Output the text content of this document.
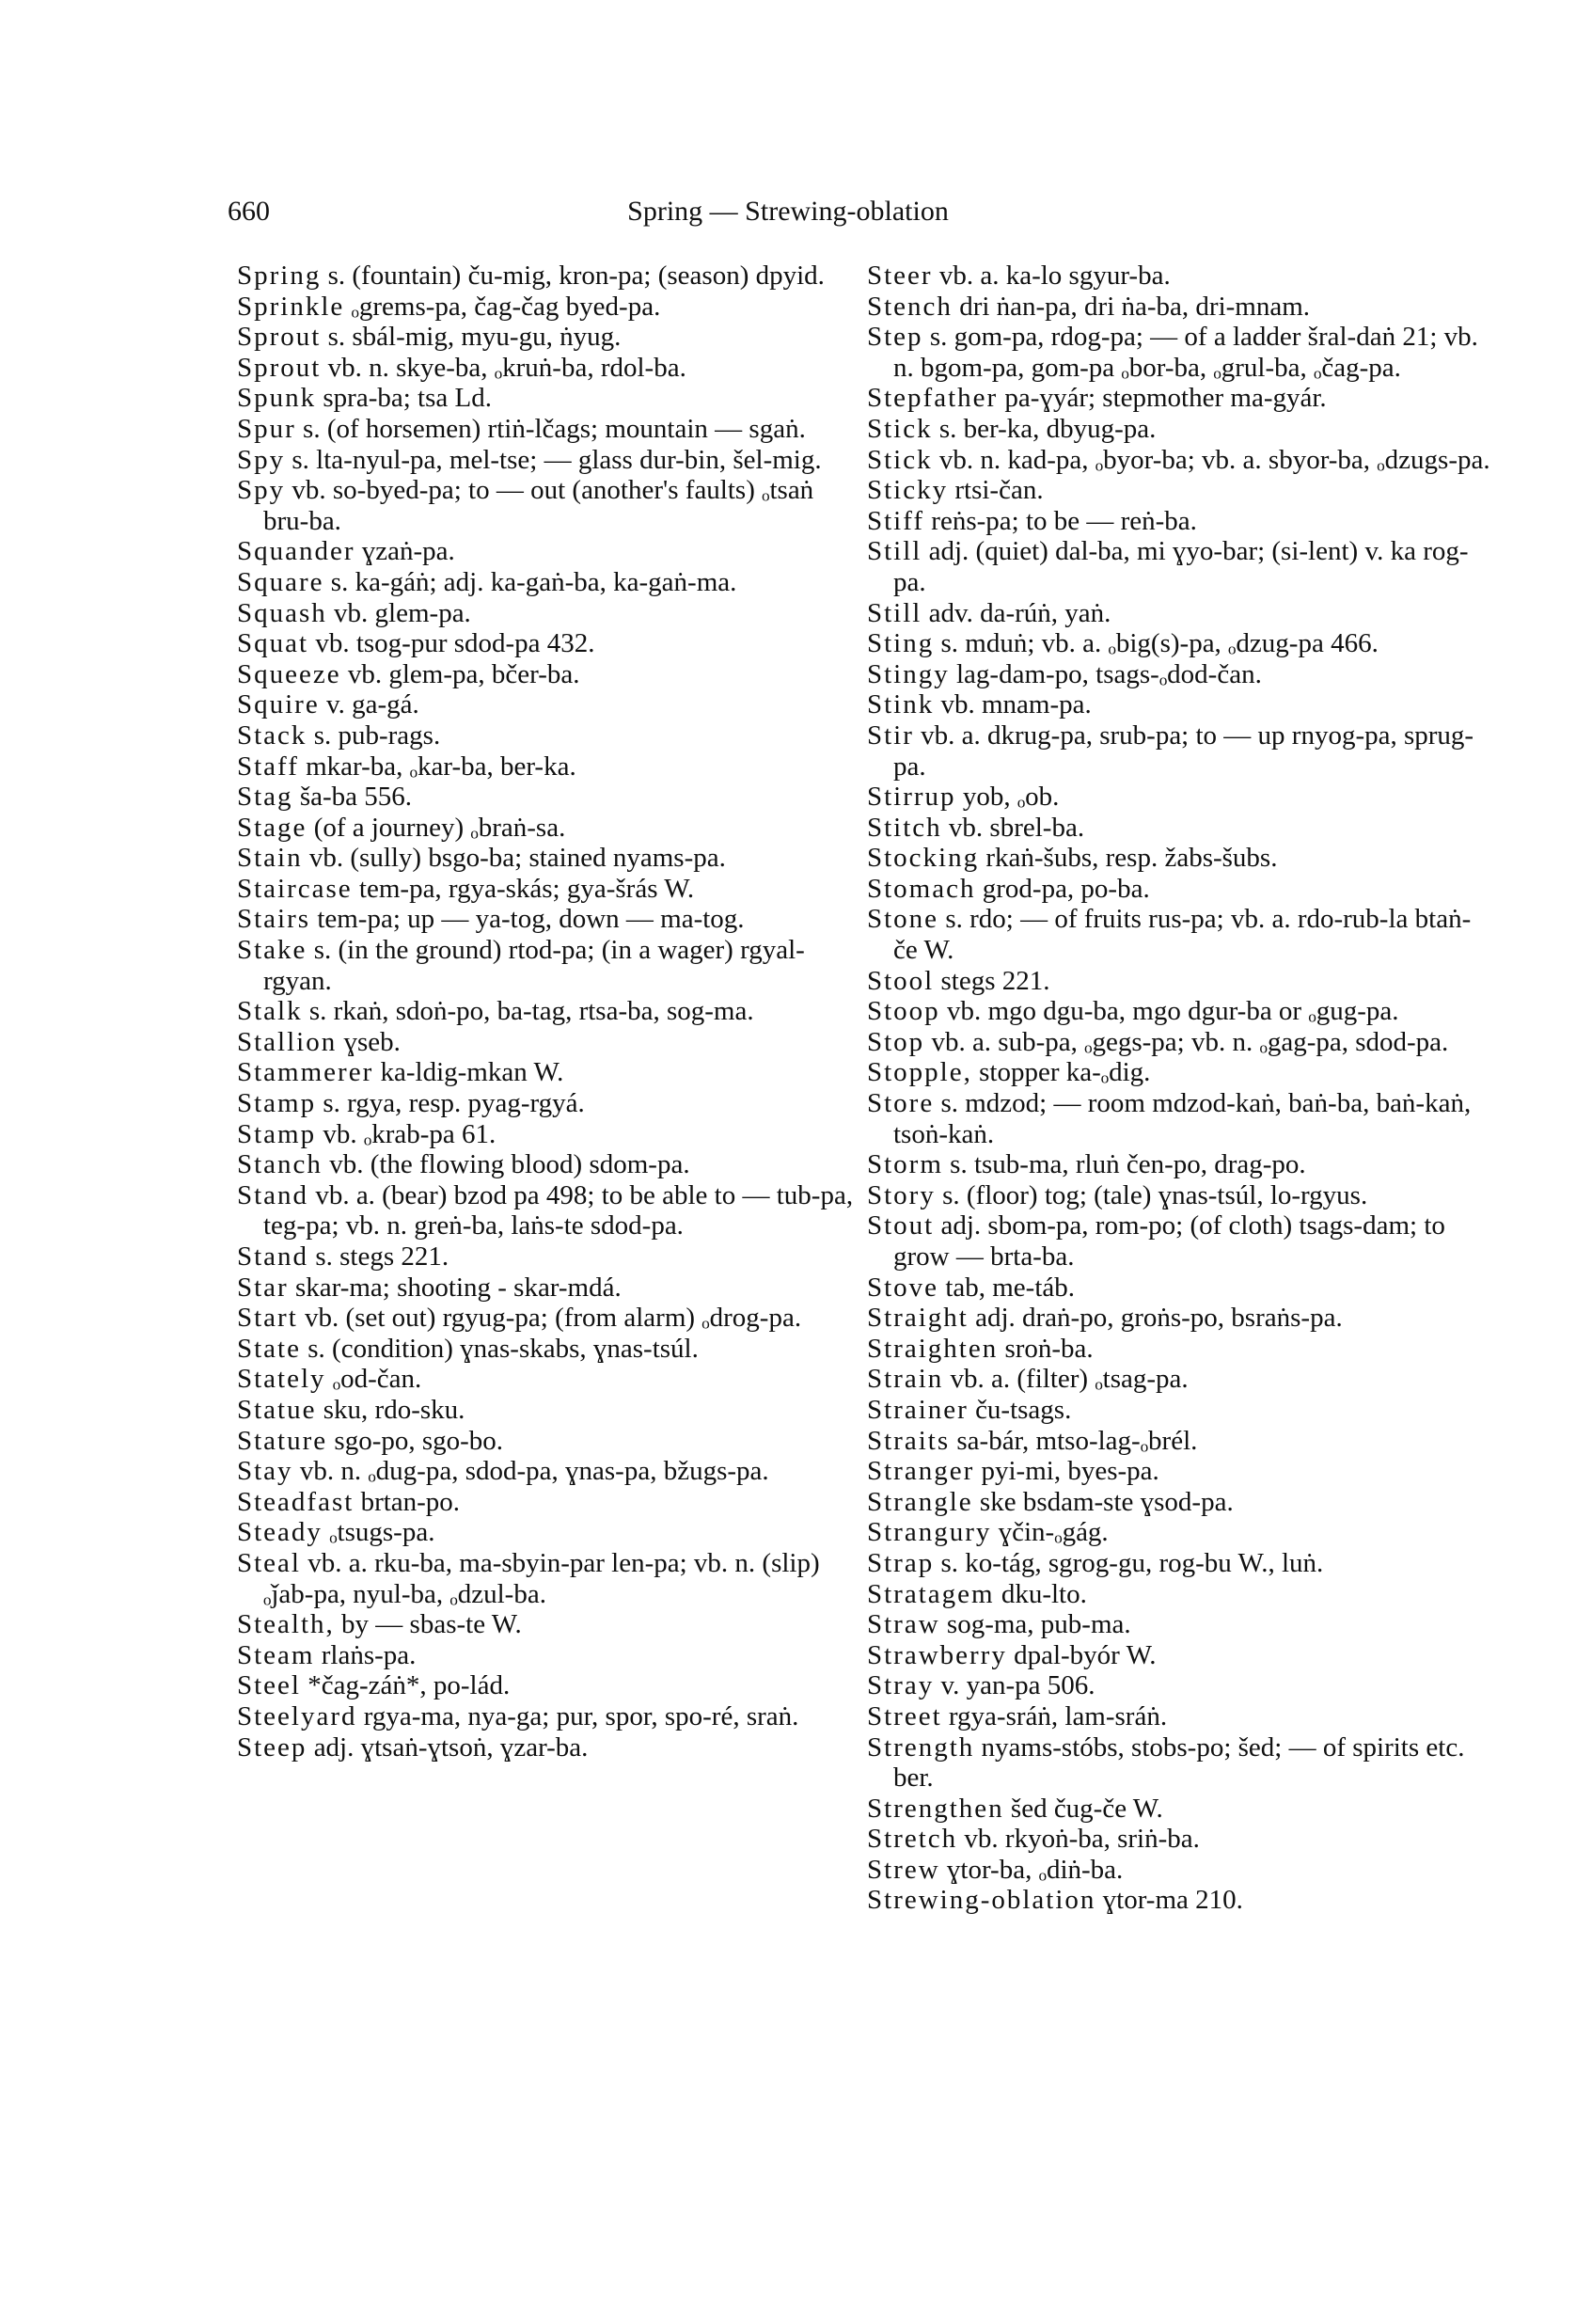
660	Spring — Strewing-oblation
Spring s. (fountain) ču-mig, kron-pa; (season) dpyid.
Sprinkle ₒgrems-pa, čag-čag byed-pa.
Sprout s. sbál-mig, myu-gu, ṅyug.
Sprout vb. n. skye-ba, ₒkruṅ-ba, rdol-ba.
Spunk spra-ba; tsa Ld.
Spur s. (of horsemen) rtiṅ-lčags; mountain — sgaṅ.
Spy s. lta-nyul-pa, mel-tse; — glass dur-bin, šel-mig.
Spy vb. so-byed-pa; to — out (another's faults) ₒtsaṅ bru-ba.
Squander ɣzaṅ-pa.
Square s. ka-gáṅ; adj. ka-gaṅ-ba, ka-gaṅ-ma.
Squash vb. glem-pa.
Squat vb. tsog-pur sdod-pa 432.
Squeeze vb. glem-pa, bčer-ba.
Squire v. ga-gá.
Stack s. pub-rags.
Staff mkar-ba, ₒkar-ba, ber-ka.
Stag ša-ba 556.
Stage (of a journey) ₒbraṅ-sa.
Stain vb. (sully) bsgo-ba; stained nyams-pa.
Staircase tem-pa, rgya-skás; gya-šrás W.
Stairs tem-pa; up — ya-tog, down — ma-tog.
Stake s. (in the ground) rtod-pa; (in a wager) rgyal-rgyan.
Stalk s. rkaṅ, sdoṅ-po, ba-tag, rtsa-ba, sog-ma.
Stallion ɣseb.
Stammerer ka-ldig-mkan W.
Stamp s. rgya, resp. pyag-rgyá.
Stamp vb. ₒkrab-pa 61.
Stanch vb. (the flowing blood) sdom-pa.
Stand vb. a. (bear) bzod pa 498; to be able to — tub-pa, teg-pa; vb. n. greṅ-ba, laṅs-te sdod-pa.
Stand s. stegs 221.
Star skar-ma; shooting - skar-mdá.
Start vb. (set out) rgyug-pa; (from alarm) ₒdrog-pa.
State s. (condition) ɣnas-skabs, ɣnas-tsúl.
Stately ₒod-čan.
Statue sku, rdo-sku.
Stature sgo-po, sgo-bo.
Stay vb. n. ₒdug-pa, sdod-pa, ɣnas-pa, bžugs-pa.
Steadfast brtan-po.
Steady ₒtsugs-pa.
Steal vb. a. rku-ba, ma-sbyin-par len-pa; vb. n. (slip) ₒǰab-pa, nyul-ba, ₒdzul-ba.
Stealth, by — sbas-te W.
Steam rlaṅs-pa.
Steel *čag-záṅ*, po-lád.
Steelyard rgya-ma, nya-ga; pur, spor, spo-ré, sraṅ.
Steep adj. ɣtsaṅ-ɣtsoṅ, ɣzar-ba.
Steer vb. a. ka-lo sgyur-ba.
Stench dri ṅan-pa, dri ṅa-ba, dri-mnam.
Step s. gom-pa, rdog-pa; — of a ladder šral-daṅ 21; vb. n. bgom-pa, gom-pa ₒbor-ba, ₒgrul-ba, ₒčag-pa.
Stepfather pa-ɣyár; stepmother ma-gyár.
Stick s. ber-ka, dbyug-pa.
Stick vb. n. kad-pa, ₒbyor-ba; vb. a. sbyor-ba, ₒdzugs-pa.
Sticky rtsi-čan.
Stiff reṅs-pa; to be — reṅ-ba.
Still adj. (quiet) dal-ba, mi ɣyo-bar; (si-lent) v. ka rog-pa.
Still adv. da-rúṅ, yaṅ.
Sting s. mduṅ; vb. a. ₒbig(s)-pa, ₒdzug-pa 466.
Stingy lag-dam-po, tsags-ₒdod-čan.
Stink vb. mnam-pa.
Stir vb. a. dkrug-pa, srub-pa; to — up rnyog-pa, sprug-pa.
Stirrup yob, ₒob.
Stitch vb. sbrel-ba.
Stocking rkaṅ-šubs, resp. žabs-šubs.
Stomach grod-pa, po-ba.
Stone s. rdo; — of fruits rus-pa; vb. a. rdo-rub-la btaṅ-če W.
Stool stegs 221.
Stoop vb. mgo dgu-ba, mgo dgur-ba or ₒgug-pa.
Stop vb. a. sub-pa, ₒgegs-pa; vb. n. ₒgag-pa, sdod-pa.
Stopple, stopper ka-ₒdig.
Store s. mdzod; — room mdzod-kaṅ, baṅ-ba, baṅ-kaṅ, tsoṅ-kaṅ.
Storm s. tsub-ma, rluṅ čen-po, drag-po.
Story s. (floor) tog; (tale) ɣnas-tsúl, lo-rgyus.
Stout adj. sbom-pa, rom-po; (of cloth) tsags-dam; to grow — brta-ba.
Stove tab, me-táb.
Straight adj. draṅ-po, groṅs-po, bsraṅs-pa.
Straighten sroṅ-ba.
Strain vb. a. (filter) ₒtsag-pa.
Strainer ču-tsags.
Straits sa-bár, mtso-lag-ₒbrél.
Stranger pyi-mi, byes-pa.
Strangle ske bsdam-ste ɣsod-pa.
Strangury ɣčin-ₒgág.
Strap s. ko-tág, sgrog-gu, rog-bu W., luṅ.
Stratagem dku-lto.
Straw sog-ma, pub-ma.
Strawberry dpal-byór W.
Stray v. yan-pa 506.
Street rgya-sráṅ, lam-sráṅ.
Strength nyams-stóbs, stobs-po; šed; — of spirits etc. ber.
Strengthen šed čug-če W.
Stretch vb. rkyoṅ-ba, sriṅ-ba.
Strew ɣtor-ba, ₒdiṅ-ba.
Strewing-oblation ɣtor-ma 210.
